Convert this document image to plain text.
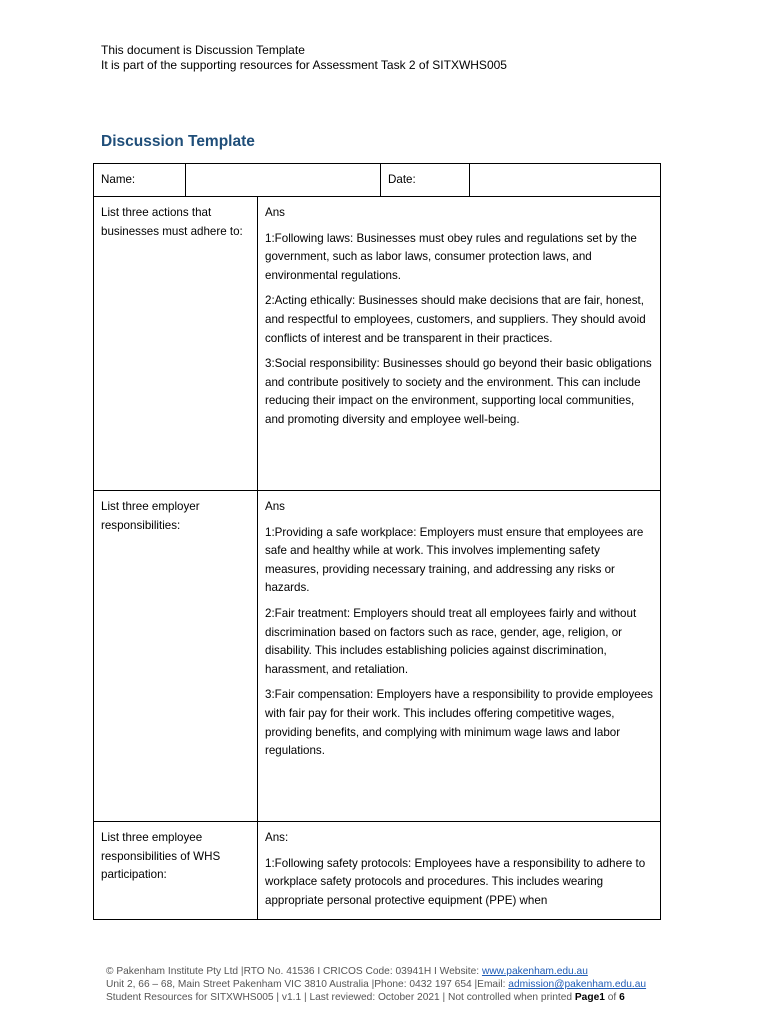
This document is Discussion Template
It is part of the supporting resources for Assessment Task 2 of SITXWHS005
Discussion Template
Name:			Date:	

List three actions that businesses must adhere to:		Ans

1:Following laws: Businesses must obey rules and regulations set by the government, such as labor laws, consumer protection laws, and environmental regulations.

2:Acting ethically: Businesses should make decisions that are fair, honest, and respectful to employees, customers, and suppliers. They should avoid conflicts of interest and be transparent in their practices.

3:Social responsibility: Businesses should go beyond their basic obligations and contribute positively to society and the environment. This can include reducing their impact on the environment, supporting local communities, and promoting diversity and employee well-being.		

List three employer responsibilities:		Ans

1:Providing a safe workplace: Employers must ensure that employees are safe and healthy while at work. This involves implementing safety measures, providing necessary training, and addressing any risks or hazards.

2:Fair treatment: Employers should treat all employees fairly and without discrimination based on factors such as race, gender, age, religion, or disability. This includes establishing policies against discrimination, harassment, and retaliation.

3:Fair compensation: Employers have a responsibility to provide employees with fair pay for their work. This includes offering competitive wages, providing benefits, and complying with minimum wage laws and labor regulations.		

List three employee responsibilities of WHS participation:		Ans:

1:Following safety protocols: Employees have a responsibility to adhere to workplace safety protocols and procedures. This includes wearing appropriate personal protective equipment (PPE) when		

© Pakenham Institute Pty Ltd |RTO No. 41536 I CRICOS Code: 03941H I Website: www.pakenham.edu.au
Unit 2, 66 – 68, Main Street Pakenham VIC 3810 Australia |Phone: 0432 197 654 |Email: admission@pakenham.edu.au
Student Resources for SITXWHS005 | v1.1 | Last reviewed: October 2021 | Not controlled when printed Page1 of 6
